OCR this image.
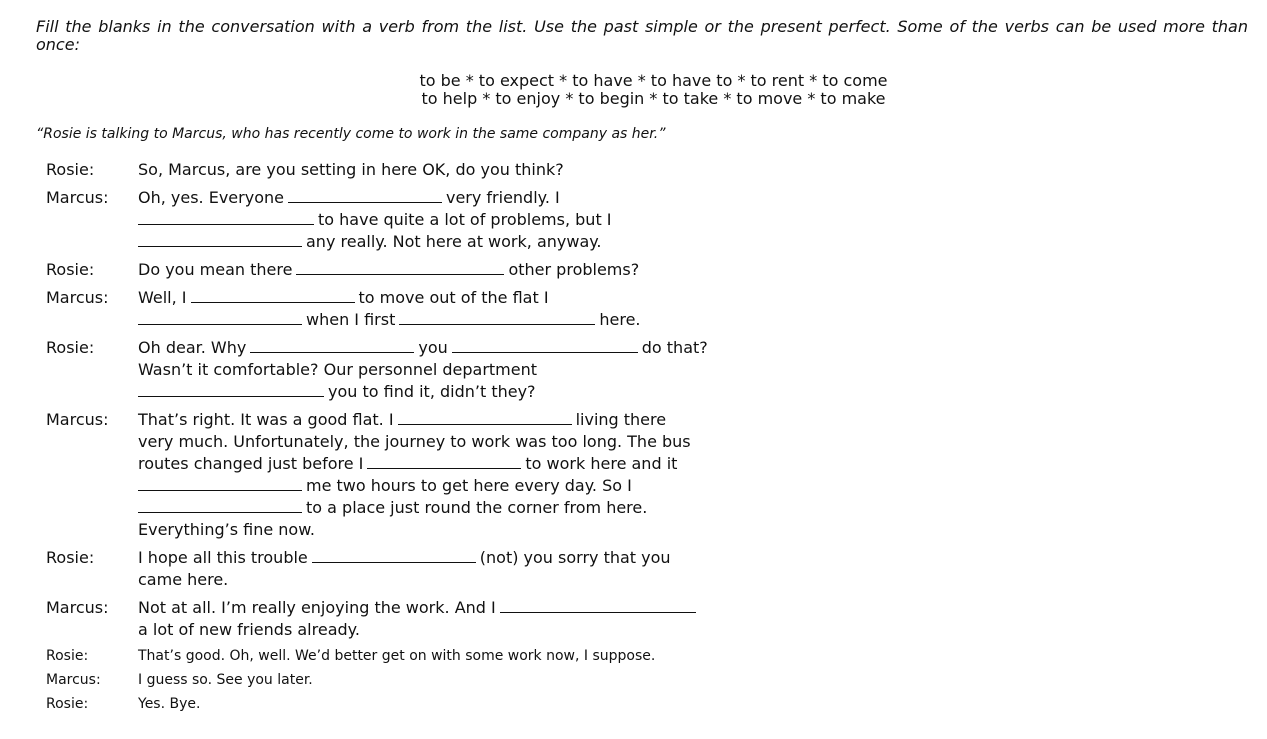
Fill the blanks in the conversation with a verb from the list. Use the past simple or the present perfect. Some of the verbs can be used more than once:
to be * to expect * to have * to have to * to rent * to come
to help * to enjoy * to begin * to take * to move * to make
“Rosie is talking to Marcus, who has recently come to work in the same company as her.”
Rosie:	So, Marcus, are you setting in here OK, do you think?
Marcus:	Oh, yes. Everyone	very friendly. I
to have quite a lot of problems, but I
any really. Not here at work, anyway.
Rosie:	Do you mean there	other problems?
Marcus:	Well, I	to move out of the flat I
when I first	here.
Rosie:	Oh dear. Why	you	do that?
Wasn’t it comfortable? Our personnel department
you to find it, didn’t they?
Marcus:	That’s right. It was a good flat. I	living there
very much. Unfortunately, the journey to work was too long. The bus
routes changed just before I	to work here and it
me two hours to get here every day. So I
to a place just round the corner from here.
Everything’s fine now.
Rosie:	I hope all this trouble	(not) you sorry that you
came here.
Marcus:	Not at all. I’m really enjoying the work. And I
a lot of new friends already.
Rosie:	That’s good. Oh, well. We’d better get on with some work now, I suppose.
Marcus:	I guess so. See you later.
Rosie:	Yes. Bye.
